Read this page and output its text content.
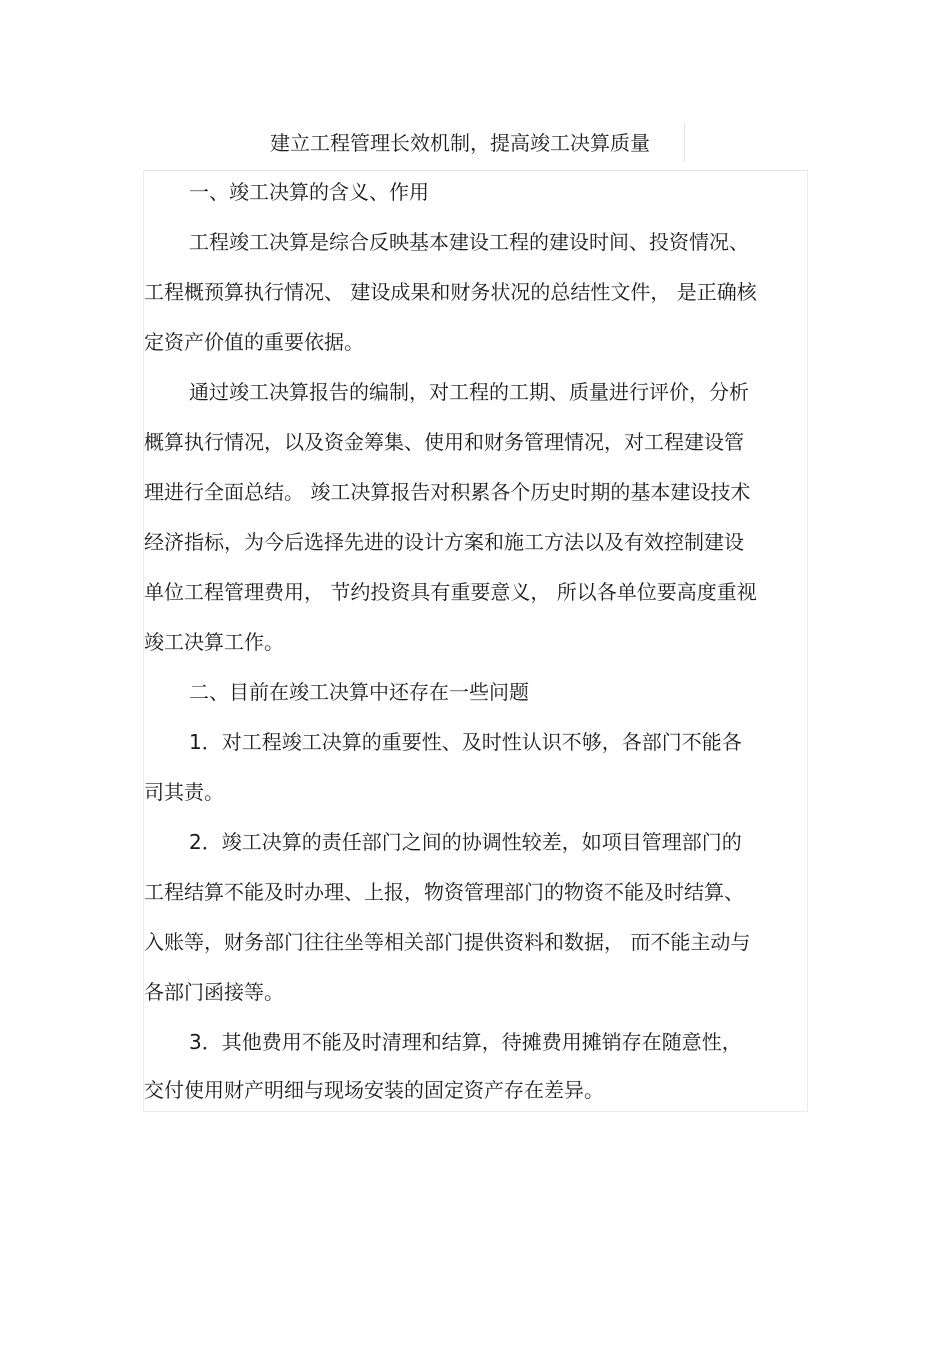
建立工程管理长效机制，提高竣工决算质量
一、竣工决算的含义、作用
工程竣工决算是综合反映基本建设工程的建设时间、投资情况、
工程概预算执行情况、 建设成果和财务状况的总结性文件， 是正确核
定资产价值的重要依据。
通过竣工决算报告的编制，对工程的工期、质量进行评价，分析
概算执行情况，以及资金筹集、使用和财务管理情况，对工程建设管
理进行全面总结。 竣工决算报告对积累各个历史时期的基本建设技术
经济指标，为今后选择先进的设计方案和施工方法以及有效控制建设
单位工程管理费用， 节约投资具有重要意义， 所以各单位要高度重视
竣工决算工作。
二、目前在竣工决算中还存在一些问题
1．对工程竣工决算的重要性、及时性认识不够，各部门不能各
司其责。
2．竣工决算的责任部门之间的协调性较差，如项目管理部门的
工程结算不能及时办理、上报，物资管理部门的物资不能及时结算、
入账等，财务部门往往坐等相关部门提供资料和数据， 而不能主动与
各部门函接等。
3．其他费用不能及时清理和结算，待摊费用摊销存在随意性，
交付使用财产明细与现场安装的固定资产存在差异。
